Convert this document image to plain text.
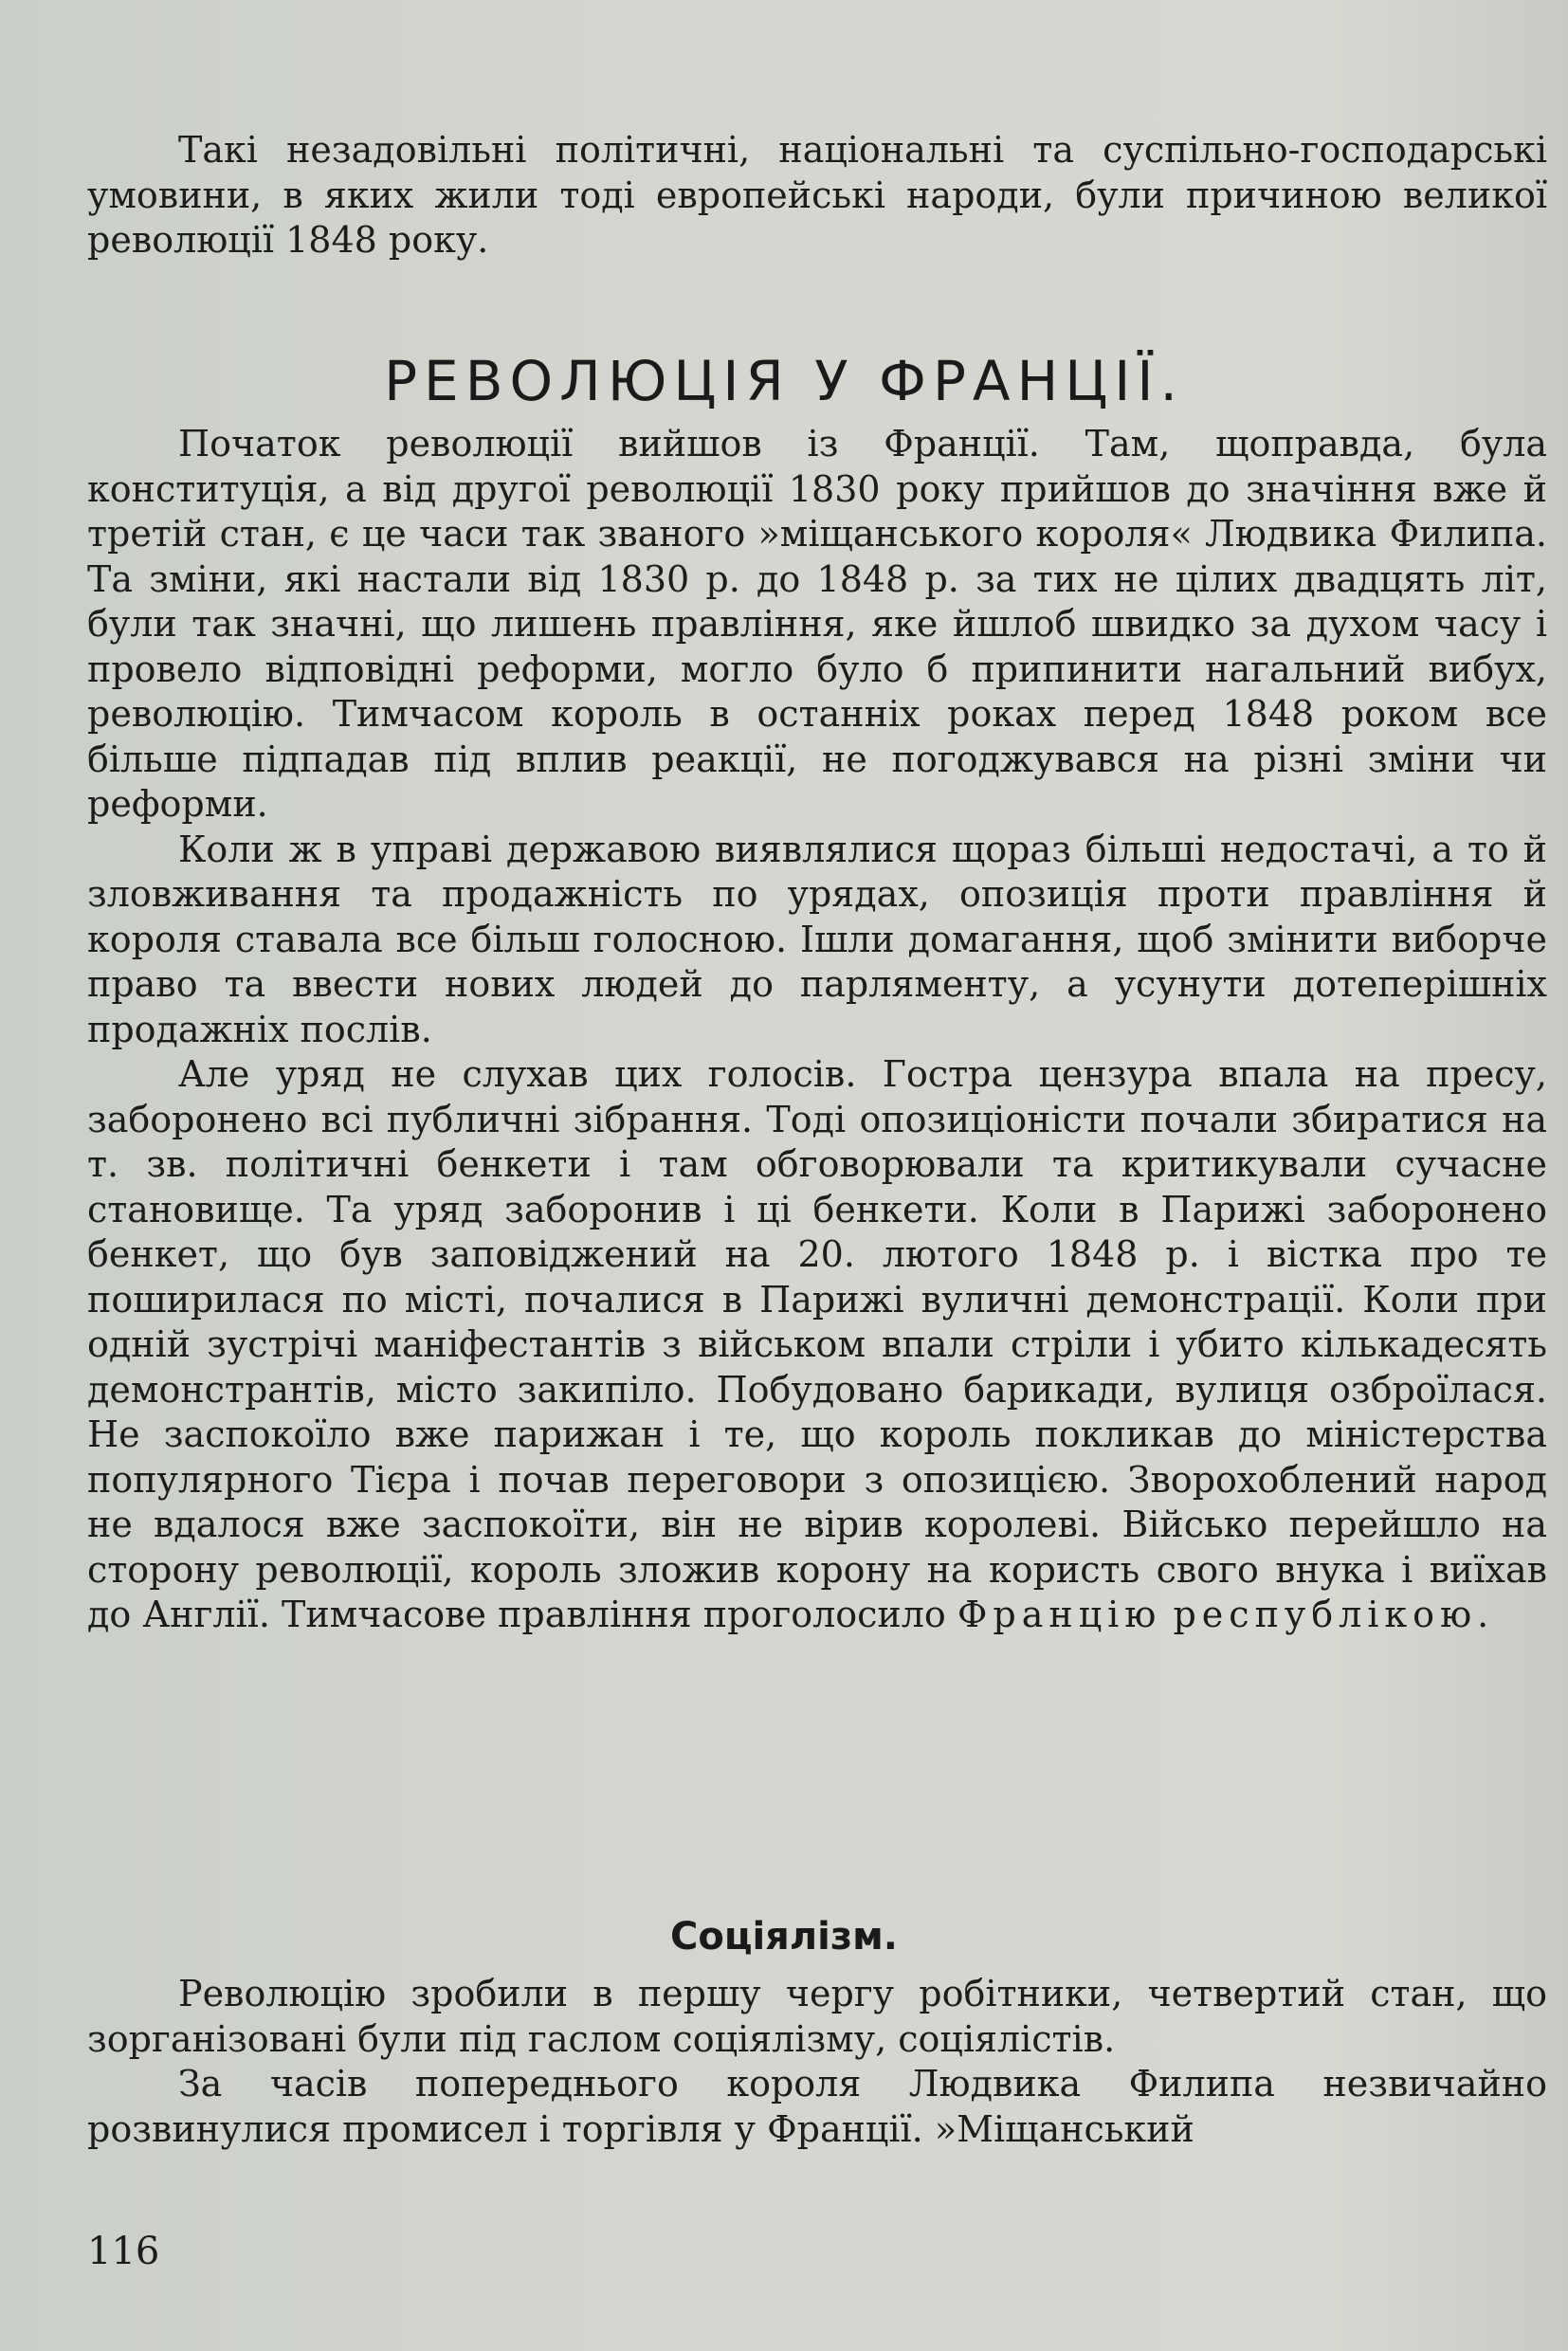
Такі незадовільні політичні, національні та суспільно-господарські умовини, в яких жили тоді европейські народи, були причиною великої революції 1848 року.

РЕВОЛЮЦІЯ У ФРАНЦІЇ.

Початок революції вийшов із Франції. Там, щоправда, була конституція, а від другої революції 1830 року прийшов до значіння вже й третій стан, є це часи так званого »міщанського короля« Людвика Филипа. Та зміни, які настали від 1830 р. до 1848 р. за тих не цілих двадцять літ, були так значні, що лишень правління, яке йшлоб швидко за духом часу і провело відповідні реформи, могло було б припинити нагальний вибух, революцію. Тимчасом король в останніх роках перед 1848 роком все більше підпадав під вплив реакції, не погоджувався на різні зміни чи реформи.

Коли ж в управі державою виявлялися щораз більші недостачі, а то й зловживання та продажність по урядах, опозиція проти правління й короля ставала все більш голосною. Ішли домагання, щоб змінити виборче право та ввести нових людей до парляменту, а усунути дотеперішніх продажніх послів.

Але уряд не слухав цих голосів. Гостра цензура впала на пресу, заборонено всі публичні зібрання. Тоді опозиціоністи почали збиратися на т. зв. політичні бенкети і там обговорювали та критикували сучасне становище. Та уряд заборонив і ці бенкети. Коли в Парижі заборонено бенкет, що був заповіджений на 20. лютого 1848 р. і вістка про те поширилася по місті, почалися в Парижі вуличні демонстрації. Коли при одній зустрічі маніфестантів з військом впали стріли і убито кількадесять демонстрантів, місто закипіло. Побудовано барикади, вулиця озброїлася. Не заспокоїло вже парижан і те, що король покликав до міністерства популярного Тієра і почав переговори з опозицією. Зворохоблений народ не вдалося вже заспокоїти, він не вірив королеві. Військо перейшло на сторону революції, король зложив корону на користь свого внука і виїхав до Англії. Тимчасове правління проголосило Францію республікою.

Соціялізм.

Революцію зробили в першу чергу робітники, четвертий стан, що зорганізовані були під гаслом соціялізму, соціялістів.

За часів попереднього короля Людвика Филипа незвичайно розвинулися промисел і торгівля у Франції. »Міщанський

116
